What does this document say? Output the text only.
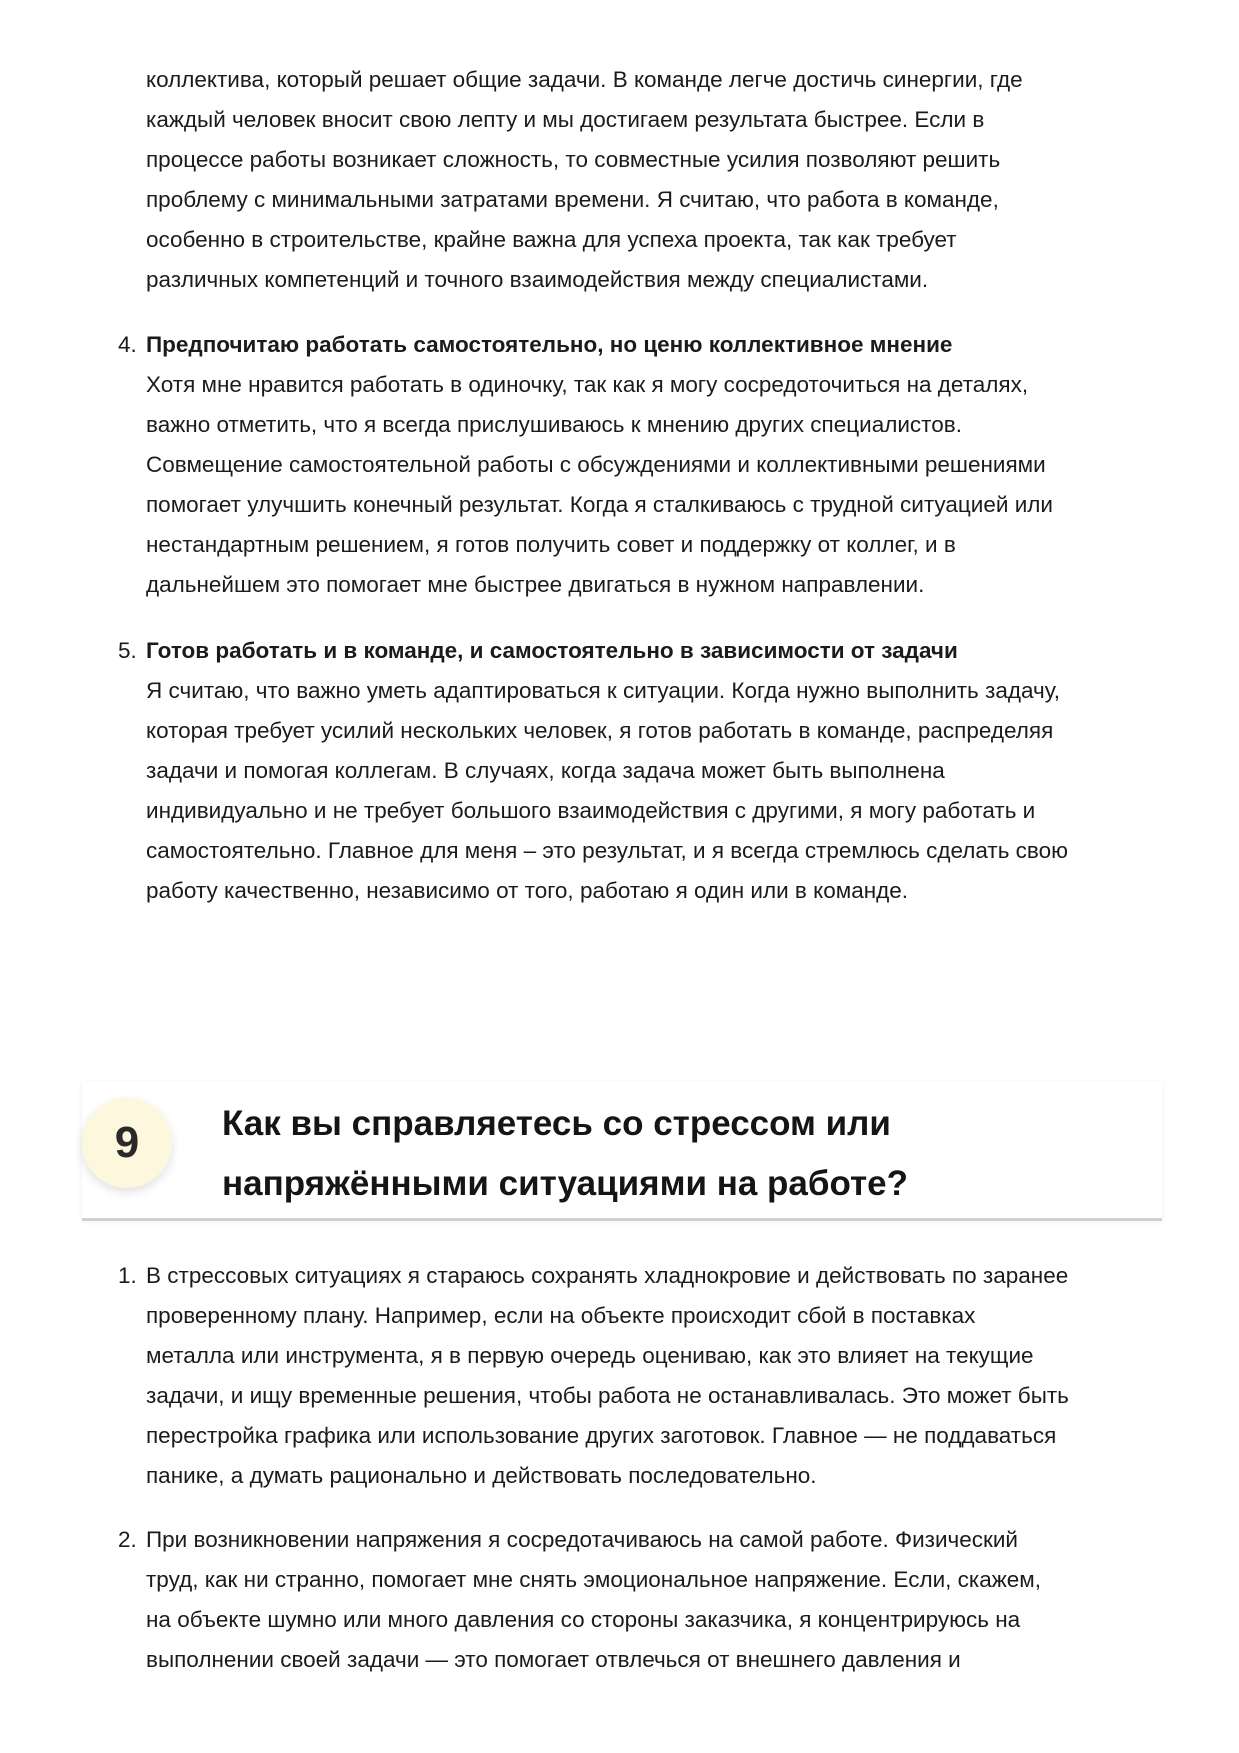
коллектива, который решает общие задачи. В команде легче достичь синергии, где

каждый человек вносит свою лепту и мы достигаем результата быстрее. Если в

процессе работы возникает сложность, то совместные усилия позволяют решить

проблему с минимальными затратами времени. Я считаю, что работа в команде,

особенно в строительстве, крайне важна для успеха проекта, так как требует

различных компетенций и точного взаимодействия между специалистами.

4. Предпочитаю работать самостоятельно, но ценю коллективное мнение

Хотя мне нравится работать в одиночку, так как я могу сосредоточиться на деталях,

важно отметить, что я всегда прислушиваюсь к мнению других специалистов.

Совмещение самостоятельной работы с обсуждениями и коллективными решениями

помогает улучшить конечный результат. Когда я сталкиваюсь с трудной ситуацией или

нестандартным решением, я готов получить совет и поддержку от коллег, и в

дальнейшем это помогает мне быстрее двигаться в нужном направлении.

5. Готов работать и в команде, и самостоятельно в зависимости от задачи

Я считаю, что важно уметь адаптироваться к ситуации. Когда нужно выполнить задачу,

которая требует усилий нескольких человек, я готов работать в команде, распределяя

задачи и помогая коллегам. В случаях, когда задача может быть выполнена

индивидуально и не требует большого взаимодействия с другими, я могу работать и

самостоятельно. Главное для меня – это результат, и я всегда стремлюсь сделать свою

работу качественно, независимо от того, работаю я один или в команде.

9	Как вы справляетесь со стрессом или
напряжёнными ситуациями на работе?
1. В стрессовых ситуациях я стараюсь сохранять хладнокровие и действовать по заранее

проверенному плану. Например, если на объекте происходит сбой в поставках

металла или инструмента, я в первую очередь оцениваю, как это влияет на текущие

задачи, и ищу временные решения, чтобы работа не останавливалась. Это может быть

перестройка графика или использование других заготовок. Главное — не поддаваться

панике, а думать рационально и действовать последовательно.

2. При возникновении напряжения я сосредотачиваюсь на самой работе. Физический

труд, как ни странно, помогает мне снять эмоциональное напряжение. Если, скажем,

на объекте шумно или много давления со стороны заказчика, я концентрируюсь на

выполнении своей задачи — это помогает отвлечься от внешнего давления и
